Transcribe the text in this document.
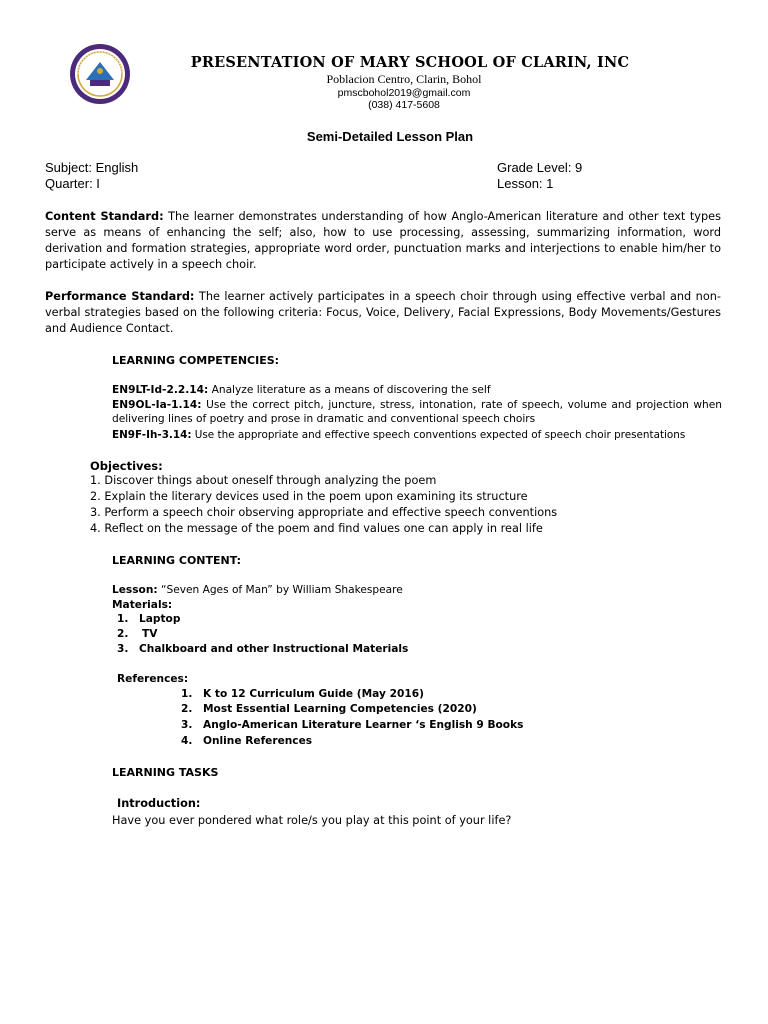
PRESENTATION OF MARY SCHOOL OF CLARIN, INC
Poblacion Centro, Clarin, Bohol
pmscbohol2019@gmail.com
(038) 417-5608
Semi-Detailed Lesson Plan
Subject: English
Quarter: I
Grade Level: 9
Lesson: 1
Content Standard: The learner demonstrates understanding of how Anglo-American literature and other text types serve as means of enhancing the self; also, how to use processing, assessing, summarizing information, word derivation and formation strategies, appropriate word order, punctuation marks and interjections to enable him/her to participate actively in a speech choir.
Performance Standard: The learner actively participates in a speech choir through using effective verbal and non-verbal strategies based on the following criteria: Focus, Voice, Delivery, Facial Expressions, Body Movements/Gestures and Audience Contact.
LEARNING COMPETENCIES:
EN9LT-Id-2.2.14: Analyze literature as a means of discovering the self
EN9OL-Ia-1.14: Use the correct pitch, juncture, stress, intonation, rate of speech, volume and projection when delivering lines of poetry and prose in dramatic and conventional speech choirs
EN9F-Ih-3.14: Use the appropriate and effective speech conventions expected of speech choir presentations
Objectives:
1. Discover things about oneself through analyzing the poem
2. Explain the literary devices used in the poem upon examining its structure
3. Perform a speech choir observing appropriate and effective speech conventions
4. Reflect on the message of the poem and find values one can apply in real life
LEARNING CONTENT:
Lesson: “Seven Ages of Man” by William Shakespeare
Materials:
1. Laptop
2. TV
3. Chalkboard and other Instructional Materials
References:
1. K to 12 Curriculum Guide (May 2016)
2. Most Essential Learning Competencies (2020)
3. Anglo-American Literature Learner ‘s English 9 Books
4. Online References
LEARNING TASKS
Introduction:
Have you ever pondered what role/s you play at this point of your life?
